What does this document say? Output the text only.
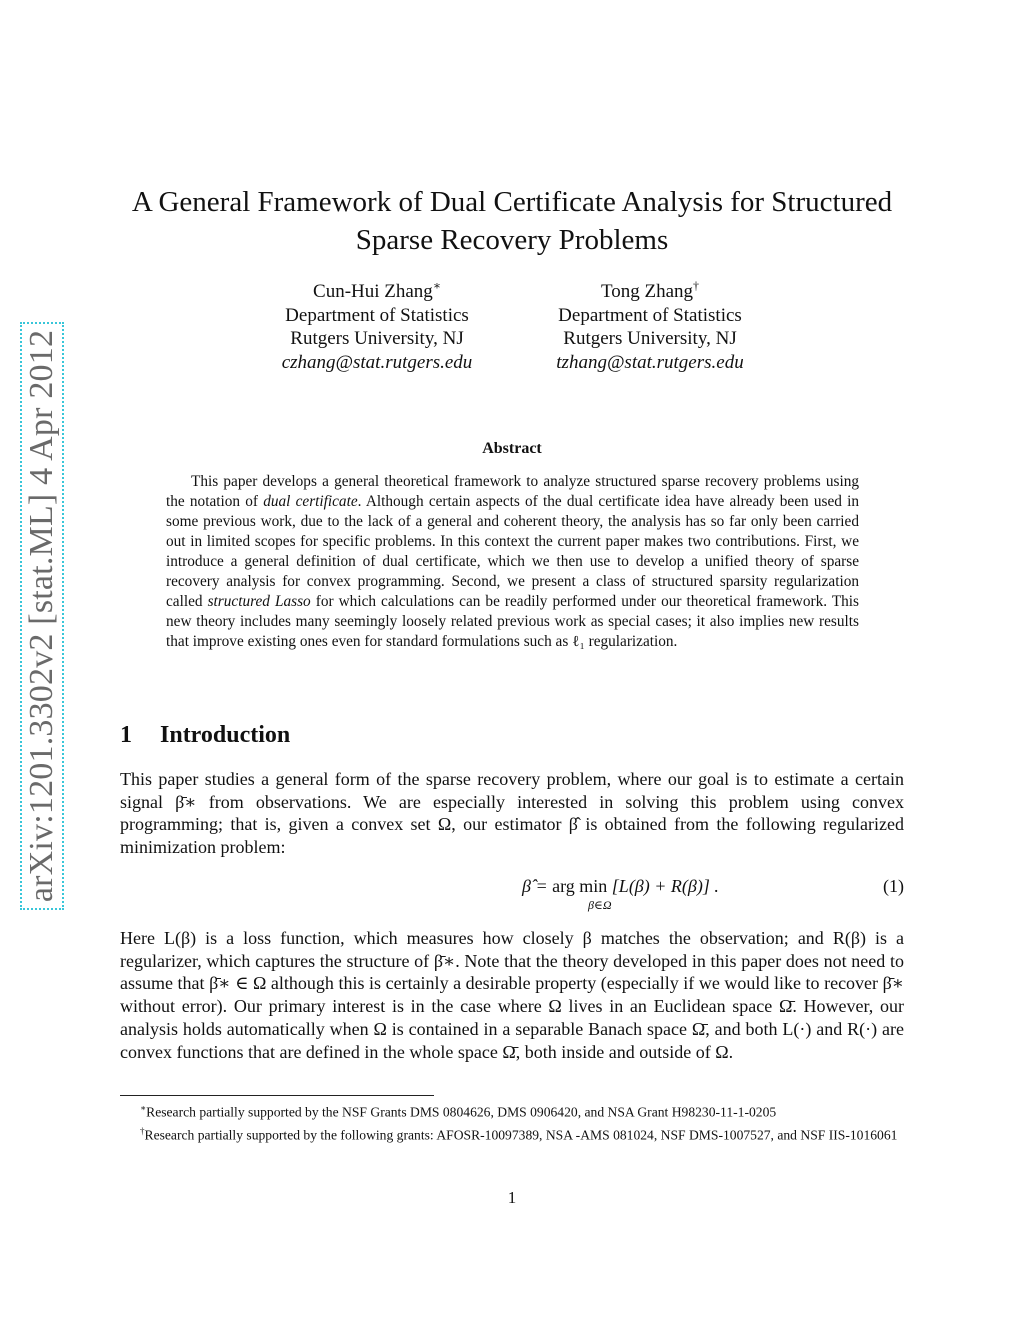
arXiv:1201.3302v2 [stat.ML] 4 Apr 2012
A General Framework of Dual Certificate Analysis for Structured Sparse Recovery Problems
Cun-Hui Zhang∗
Department of Statistics
Rutgers University, NJ
czhang@stat.rutgers.edu
Tong Zhang†
Department of Statistics
Rutgers University, NJ
tzhang@stat.rutgers.edu
Abstract

This paper develops a general theoretical framework to analyze structured sparse recovery problems using the notation of dual certificate. Although certain aspects of the dual certificate idea have already been used in some previous work, due to the lack of a general and coherent theory, the analysis has so far only been carried out in limited scopes for specific problems. In this context the current paper makes two contributions. First, we introduce a general definition of dual certificate, which we then use to develop a unified theory of sparse recovery analysis for convex programming. Second, we present a class of structured sparsity regularization called structured Lasso for which calculations can be readily performed under our theoretical framework. This new theory includes many seemingly loosely related previous work as special cases; it also implies new results that improve existing ones even for standard formulations such as ℓ₁ regularization.

1 Introduction

This paper studies a general form of the sparse recovery problem, where our goal is to estimate a certain signal β̄∗ from observations. We are especially interested in solving this problem using convex programming; that is, given a convex set Ω, our estimator β̂ is obtained from the following regularized minimization problem:

β̂ = arg min [L(β) + R(β)] .
β∈Ω
(1)

Here L(β) is a loss function, which measures how closely β matches the observation; and R(β) is a regularizer, which captures the structure of β̄∗. Note that the theory developed in this paper does not need to assume that β̄∗ ∈ Ω although this is certainly a desirable property (especially if we would like to recover β̄∗ without error). Our primary interest is in the case where Ω lives in an Euclidean space Ω̄. However, our analysis holds automatically when Ω is contained in a separable Banach space Ω̄, and both L(·) and R(·) are convex functions that are defined in the whole space Ω̄, both inside and outside of Ω.

∗Research partially supported by the NSF Grants DMS 0804626, DMS 0906420, and NSA Grant H98230-11-1-0205

†Research partially supported by the following grants: AFOSR-10097389, NSA -AMS 081024, NSF DMS-1007527, and NSF IIS-1016061

1
